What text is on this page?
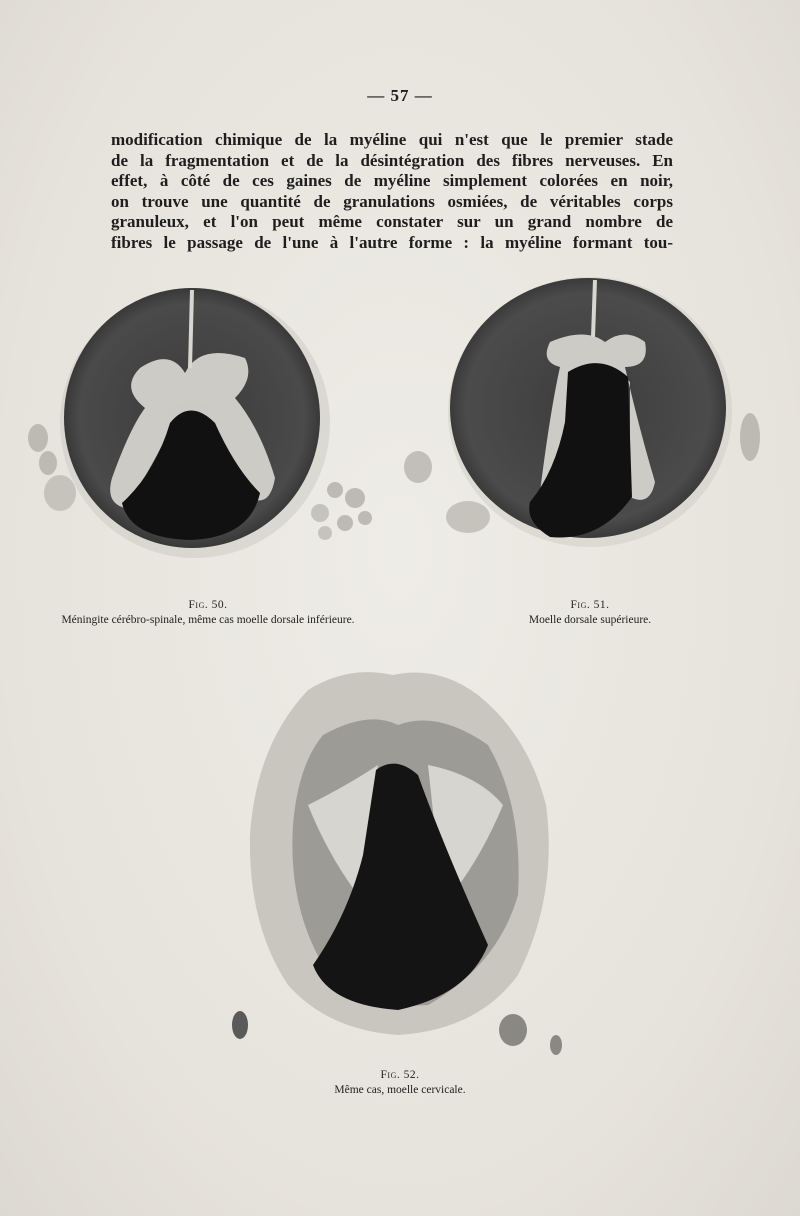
— 57 —
modification chimique de la myéline qui n'est que le premier stade
de la fragmentation et de la désintégration des fibres nerveuses. En
effet, à côté de ces gaines de myéline simplement colorées en noir,
on trouve une quantité de granulations osmiées, de véritables corps
granuleux, et l'on peut même constater sur un grand nombre de
fibres le passage de l'une à l'autre forme : la myéline formant tou-
Fig. 50.
Méningite cérébro-spinale, même cas moelle dorsale inférieure.
Fig. 51.
Moelle dorsale supérieure.
Fig. 52.
Même cas, moelle cervicale.
